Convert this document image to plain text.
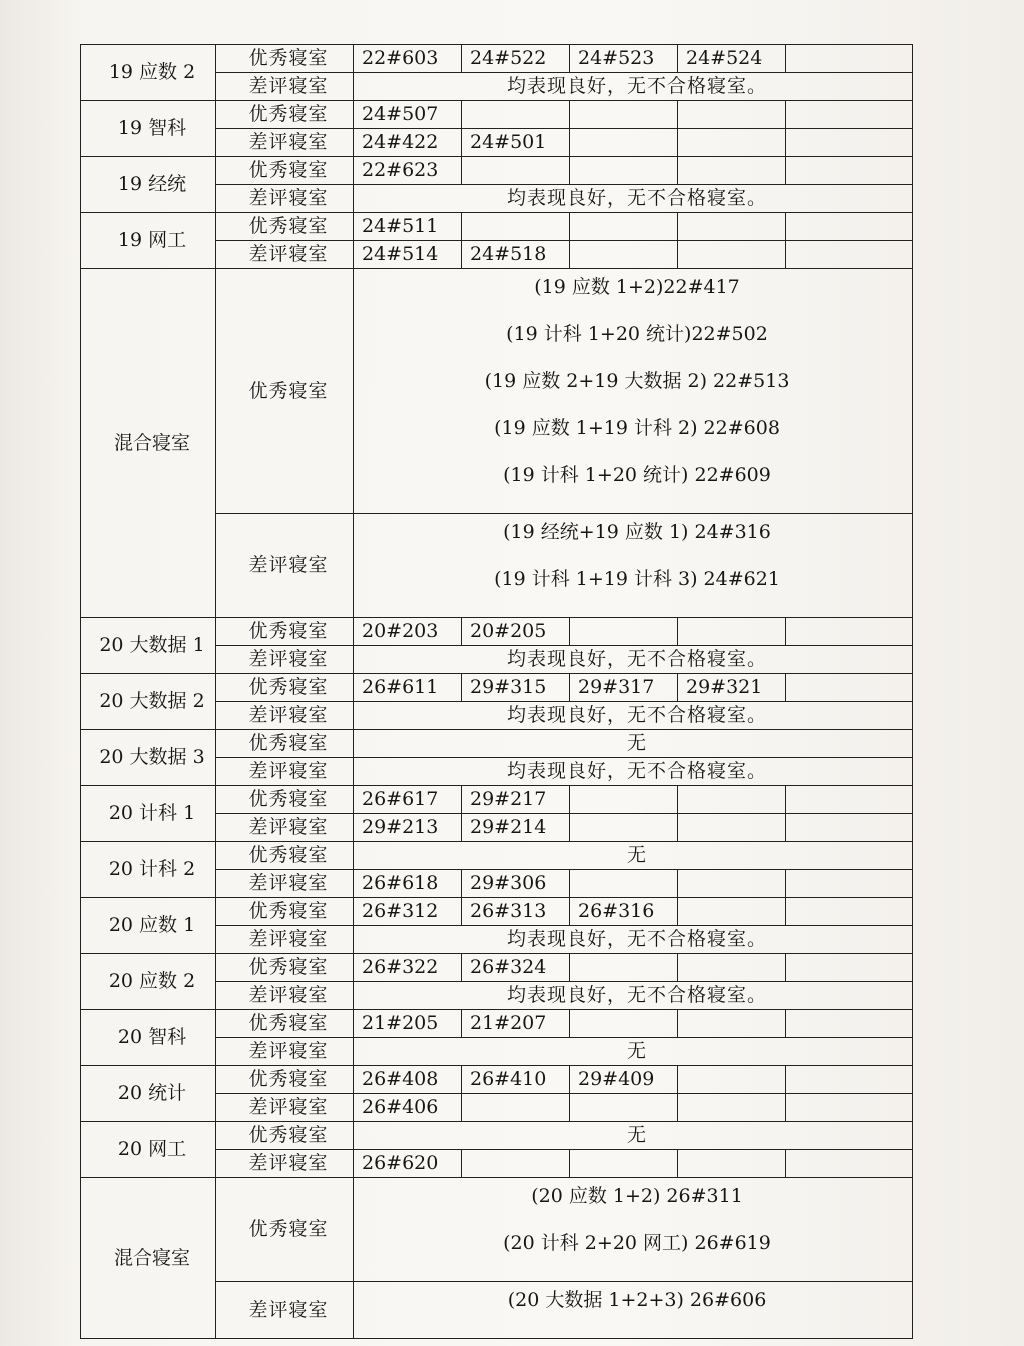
19 应数 2	优秀寝室	22#603	24#522	24#523	24#524	
	差评寝室	均表现良好，无不合格寝室。				
19 智科	优秀寝室	24#507				
	差评寝室	24#422	24#501			
19 经统	优秀寝室	22#623				
	差评寝室	均表现良好，无不合格寝室。				
19 网工	优秀寝室	24#511				
	差评寝室	24#514	24#518			
混合寝室	优秀寝室	(19 应数 1+2)22#417
(19 计科 1+20 统计)22#502
(19 应数 2+19 大数据 2) 22#513
(19 应数 1+19 计科 2) 22#608
(19 计科 1+20 统计) 22#609				

	差评寝室	(19 经统+19 应数 1) 24#316
(19 计科 1+19 计科 3) 24#621				

20 大数据 1	优秀寝室	20#203	20#205			
	差评寝室	均表现良好，无不合格寝室。				
20 大数据 2	优秀寝室	26#611	29#315	29#317	29#321	
	差评寝室	均表现良好，无不合格寝室。				
20 大数据 3	优秀寝室	无				
	差评寝室	均表现良好，无不合格寝室。				
20 计科 1	优秀寝室	26#617	29#217			
	差评寝室	29#213	29#214			
20 计科 2	优秀寝室	无				
	差评寝室	26#618	29#306			
20 应数 1	优秀寝室	26#312	26#313	26#316		
	差评寝室	均表现良好，无不合格寝室。				
20 应数 2	优秀寝室	26#322	26#324			
	差评寝室	均表现良好，无不合格寝室。				
20 智科	优秀寝室	21#205	21#207			
	差评寝室	无				
20 统计	优秀寝室	26#408	26#410	29#409		
	差评寝室	26#406				
20 网工	优秀寝室	无				
	差评寝室	26#620				
混合寝室	优秀寝室	(20 应数 1+2) 26#311
(20 计科 2+20 网工) 26#619				

	差评寝室	(20 大数据 1+2+3) 26#606				
